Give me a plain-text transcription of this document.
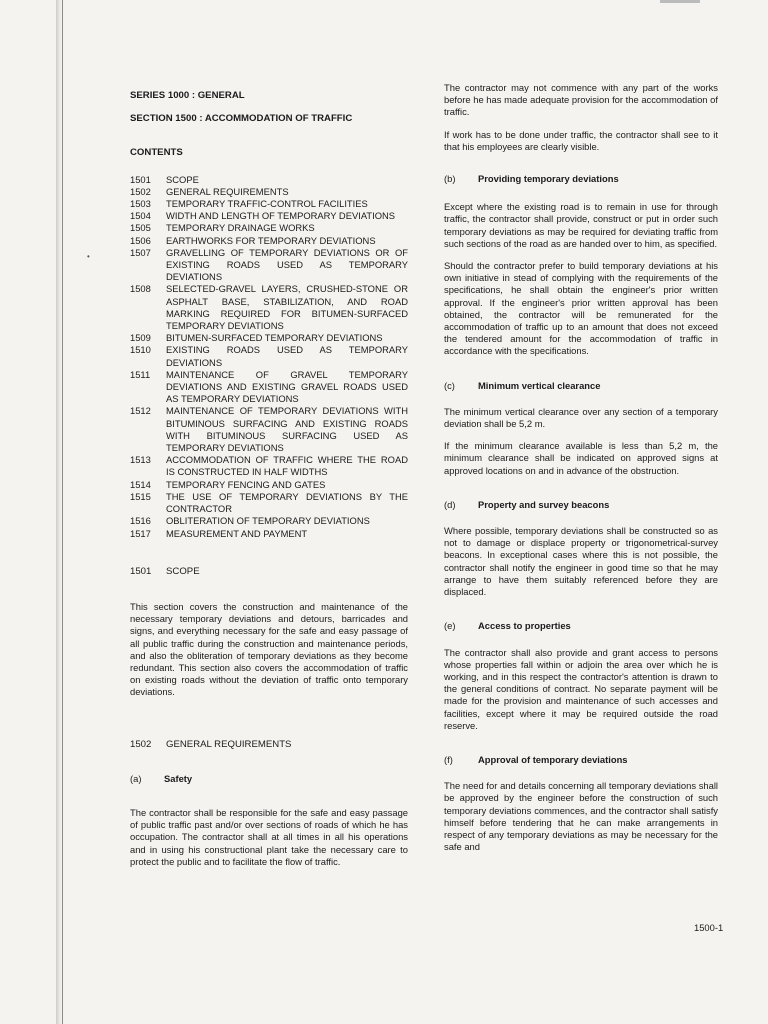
SERIES 1000 : GENERAL

SECTION 1500 : ACCOMMODATION OF TRAFFIC

CONTENTS

1501	SCOPE
1502	GENERAL REQUIREMENTS
1503	TEMPORARY TRAFFIC-CONTROL FACILITIES
1504	WIDTH AND LENGTH OF TEMPORARY DEVIATIONS
1505	TEMPORARY DRAINAGE WORKS
1506	EARTHWORKS FOR TEMPORARY DEVIATIONS
1507	GRAVELLING OF TEMPORARY DEVIATIONS OR OF EXISTING ROADS USED AS TEMPORARY DEVIATIONS
1508	SELECTED-GRAVEL LAYERS, CRUSHED-STONE OR ASPHALT BASE, STABILIZATION, AND ROAD MARKING REQUIRED FOR BITUMEN-SURFACED TEMPORARY DEVIATIONS
1509	BITUMEN-SURFACED TEMPORARY DEVIATIONS
1510	EXISTING ROADS USED AS TEMPORARY DEVIATIONS
1511	MAINTENANCE OF GRAVEL TEMPORARY DEVIATIONS AND EXISTING GRAVEL ROADS USED AS TEMPORARY DEVIATIONS
1512	MAINTENANCE OF TEMPORARY DEVIATIONS WITH BITUMINOUS SURFACING AND EXISTING ROADS WITH BITUMINOUS SURFACING USED AS TEMPORARY DEVIATIONS
1513	ACCOMMODATION OF TRAFFIC WHERE THE ROAD IS CONSTRUCTED IN HALF WIDTHS
1514	TEMPORARY FENCING AND GATES
1515	THE USE OF TEMPORARY DEVIATIONS BY THE CONTRACTOR
1516	OBLITERATION OF TEMPORARY DEVIATIONS
1517	MEASUREMENT AND PAYMENT
1501	SCOPE

This section covers the construction and maintenance of the necessary temporary deviations and detours, barricades and signs, and everything necessary for the safe and easy passage of all public traffic during the construction and maintenance periods, and also the obliteration of temporary deviations as they become redundant. This section also covers the accommodation of traffic on existing roads without the deviation of traffic onto temporary deviations.

1502	GENERAL REQUIREMENTS
(a)	Safety

The contractor shall be responsible for the safe and easy passage of public traffic past and/or over sections of roads of which he has occupation. The contractor shall at all times in all his operations and in using his constructional plant take the necessary care to protect the public and to facilitate the flow of traffic.

•

The contractor may not commence with any part of the works before he has made adequate provision for the accommodation of traffic.

If work has to be done under traffic, the contractor shall see to it that his employees are clearly visible.

(b)	Providing temporary deviations

Except where the existing road is to remain in use for through traffic, the contractor shall provide, construct or put in order such temporary deviations as may be required for deviating traffic from such sections of the road as are handed over to him, as specified.

Should the contractor prefer to build temporary deviations at his own initiative in stead of complying with the requirements of the specifications, he shall obtain the engineer's prior written approval. If the engineer's prior written approval has been obtained, the contractor will be remunerated for the accommodation of traffic up to an amount that does not exceed the tendered amount for the accommodation of traffic in accordance with the specifications.

(c)	Minimum vertical clearance

The minimum vertical clearance over any section of a temporary deviation shall be 5,2 m.

If the minimum clearance available is less than 5,2 m, the minimum clearance shall be indicated on approved signs at approved locations on and in advance of the obstruction.

(d)	Property and survey beacons

Where possible, temporary deviations shall be constructed so as not to damage or displace property or trigonometrical-survey beacons. In exceptional cases where this is not possible, the contractor shall notify the engineer in good time so that he may arrange to have them suitably referenced before they are displaced.

(e)	Access to properties

The contractor shall also provide and grant access to persons whose properties fall within or adjoin the area over which he is working, and in this respect the contractor's attention is drawn to the general conditions of contract. No separate payment will be made for the provision and maintenance of such accesses and facilities, except where it may be required outside the road reserve.

(f)	Approval of temporary deviations

The need for and details concerning all temporary deviations shall be approved by the engineer before the construction of such temporary deviations commences, and the contractor shall satisfy himself before tendering that he can make arrangements in respect of any temporary deviations as may be necessary for the safe and

1500-1
